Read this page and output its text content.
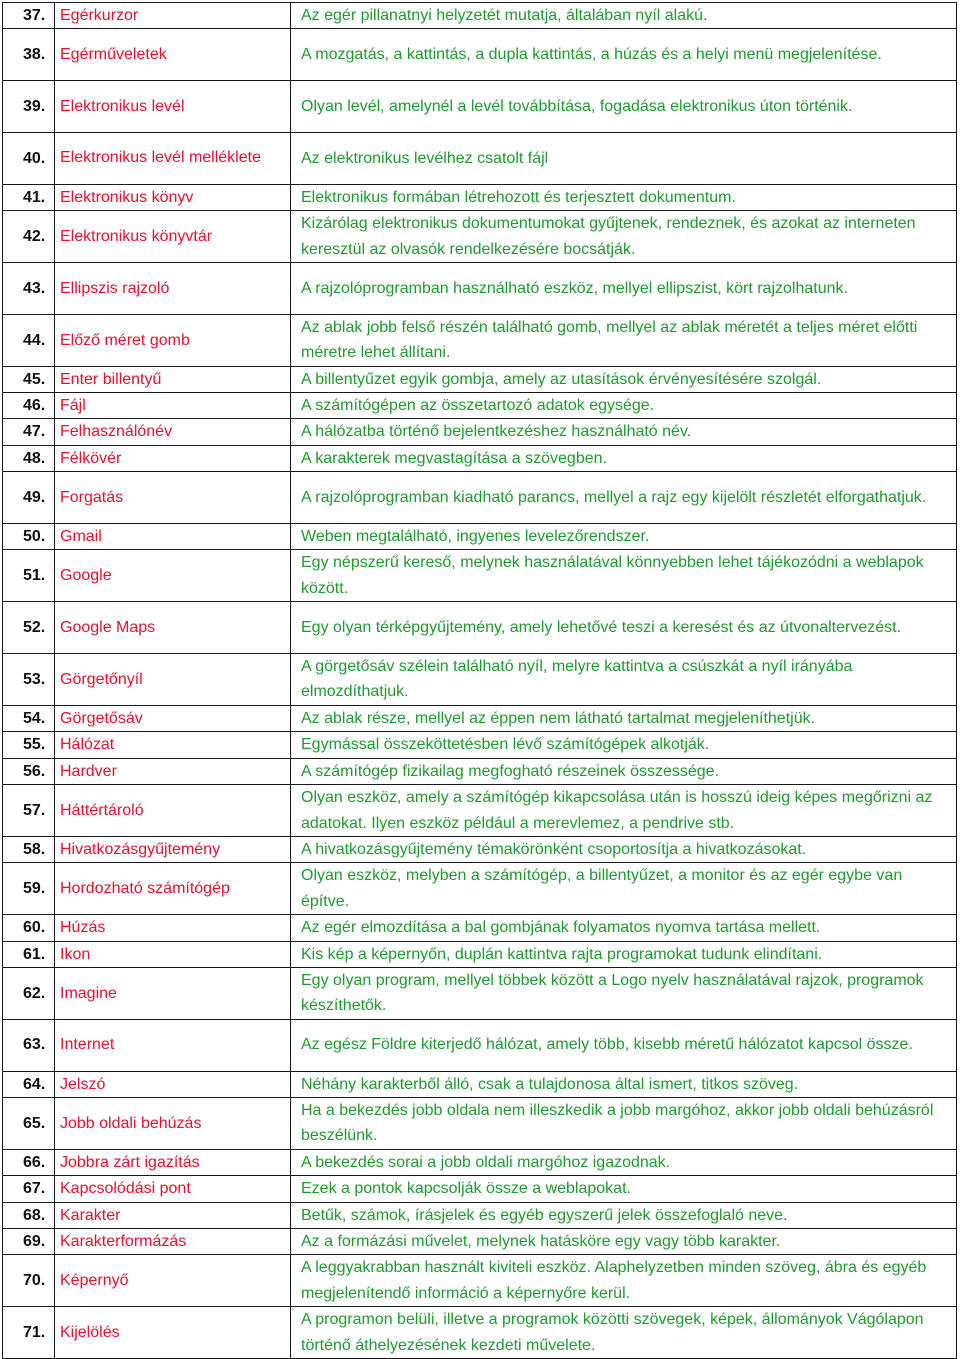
37.	Egérkurzor	Az egér pillanatnyi helyzetét mutatja, általában nyíl alakú.
38.	Egérműveletek	A mozgatás, a kattintás, a dupla kattintás, a húzás és a helyi menü megjelenítése.
39.	Elektronikus levél	Olyan levél, amelynél a levél továbbítása, fogadása elektronikus úton történik.
40.	Elektronikus levél melléklete	Az elektronikus levélhez csatolt fájl
41.	Elektronikus könyv	Elektronikus formában létrehozott és terjesztett dokumentum.
42.	Elektronikus könyvtár	Kizárólag elektronikus dokumentumokat gyűjtenek, rendeznek, és azokat az interneten keresztül az olvasók rendelkezésére bocsátják.
43.	Ellipszis rajzoló	A rajzolóprogramban használható eszköz, mellyel ellipszist, kört rajzolhatunk.
44.	Előző méret gomb	Az ablak jobb felső részén található gomb, mellyel az ablak méretét a teljes méret előtti méretre lehet állítani.
45.	Enter billentyű	A billentyűzet egyik gombja, amely az utasítások érvényesítésére szolgál.
46.	Fájl	A számítógépen az összetartozó adatok egysége.
47.	Felhasználónév	A hálózatba történő bejelentkezéshez használható név.
48.	Félkövér	A karakterek megvastagítása a szövegben.
49.	Forgatás	A rajzolóprogramban kiadható parancs, mellyel a rajz egy kijelölt részletét elforgathatjuk.
50.	Gmail	Weben megtalálható, ingyenes levelezőrendszer.
51.	Google	Egy népszerű kereső, melynek használatával könnyebben lehet tájékozódni a weblapok között.
52.	Google Maps	Egy olyan térképgyűjtemény, amely lehetővé teszi a keresést és az útvonaltervezést.
53.	Görgetőnyíl	A görgetősáv szélein található nyíl, melyre kattintva a csúszkát a nyíl irányába elmozdíthatjuk.
54.	Görgetősáv	Az ablak része, mellyel az éppen nem látható tartalmat megjeleníthetjük.
55.	Hálózat	Egymással összeköttetésben lévő számítógépek alkotják.
56.	Hardver	A számítógép fizikailag megfogható részeinek összessége.
57.	Háttértároló	Olyan eszköz, amely a számítógép kikapcsolása után is hosszú ideig képes megőrizni az adatokat. Ilyen eszköz például a merevlemez, a pendrive stb.
58.	Hivatkozásgyűjtemény	A hivatkozásgyűjtemény témakörönként csoportosítja a hivatkozásokat.
59.	Hordozható számítógép	Olyan eszköz, melyben a számítógép, a billentyűzet, a monitor és az egér egybe van építve.
60.	Húzás	Az egér elmozdítása a bal gombjának folyamatos nyomva tartása mellett.
61.	Ikon	Kis kép a képernyőn, duplán kattintva rajta programokat tudunk elindítani.
62.	Imagine	Egy olyan program, mellyel többek között a Logo nyelv használatával rajzok, programok készíthetők.
63.	Internet	Az egész Földre kiterjedő hálózat, amely több, kisebb méretű hálózatot kapcsol össze.
64.	Jelszó	Néhány karakterből álló, csak a tulajdonosa által ismert, titkos szöveg.
65.	Jobb oldali behúzás	Ha a bekezdés jobb oldala nem illeszkedik a jobb margóhoz, akkor jobb oldali behúzásról beszélünk.
66.	Jobbra zárt igazítás	A bekezdés sorai a jobb oldali margóhoz igazodnak.
67.	Kapcsolódási pont	Ezek a pontok kapcsolják össze a weblapokat.
68.	Karakter	Betűk, számok, írásjelek és egyéb egyszerű jelek összefoglaló neve.
69.	Karakterformázás	Az a formázási művelet, melynek hatásköre egy vagy több karakter.
70.	Képernyő	A leggyakrabban használt kiviteli eszköz. Alaphelyzetben minden szöveg, ábra és egyéb megjelenítendő információ a képernyőre kerül.
71.	Kijelölés	A programon belüli, illetve a programok közötti szövegek, képek, állományok Vágólapon történő áthelyezésének kezdeti művelete.
